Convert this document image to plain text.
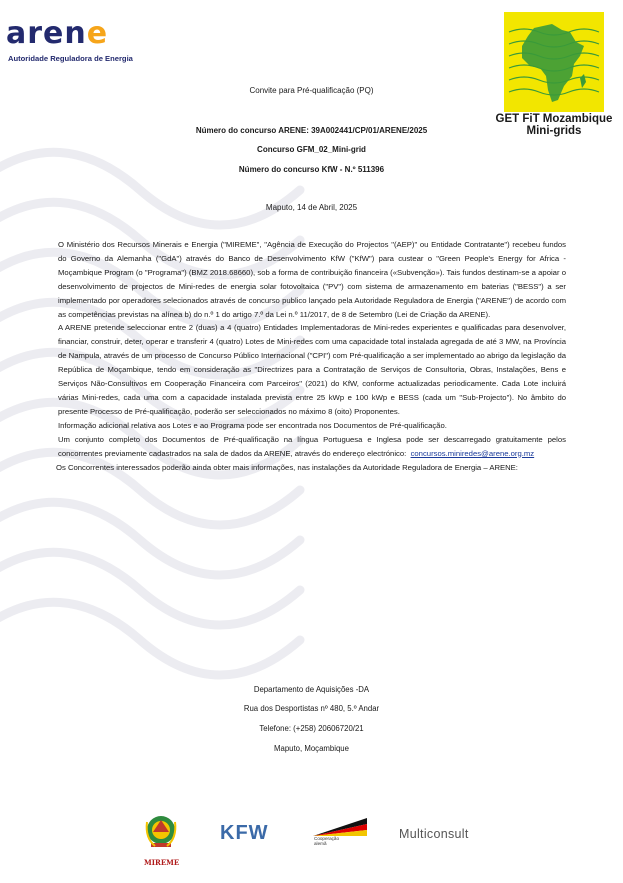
arene
Autoridade Reguladora de Energia
GET FiT Mozambique
Mini-grids
Convite para Pré-qualificação (PQ)
Número do concurso ARENE: 39A002441/CP/01/ARENE/2025
Concurso GFM_02_Mini-grid
Número do concurso KfW - N.º 511396
Maputo, 14 de Abril, 2025

O Ministério dos Recursos Minerais e Energia ("MIREME", "Agência de Execução do Projectos "(AEP)" ou Entidade Contratante") recebeu fundos do Governo da Alemanha ("GdA") através do Banco de Desenvolvimento KfW ("KfW") para custear o "Green People's Energy for Africa - Moçambique Program (o "Programa") (BMZ 2018.68660), sob a forma de contribuição financeira («Subvenção»). Tais fundos destinam-se a apoiar o desenvolvimento de projectos de Mini-redes de energia solar fotovoltaica ("PV") com sistema de armazenamento em baterias ("BESS") a ser implementado por operadores selecionados através de concurso publico lançado pela Autoridade Reguladora de Energia ("ARENE") de acordo com as competências previstas na alínea b) do n.º 1 do artigo 7.º da Lei n.º 11/2017, de 8 de Setembro (Lei de Criação da ARENE).

A ARENE pretende seleccionar entre 2 (duas) a 4 (quatro) Entidades Implementadoras de Mini-redes experientes e qualificadas para desenvolver, financiar, construir, deter, operar e transferir 4 (quatro) Lotes de Mini-redes com uma capacidade total instalada agregada de até 3 MW, na Província de Nampula, através de um processo de Concurso Público Internacional ("CPI") com Pré-qualificação a ser implementado ao abrigo da legislação da República de Moçambique, tendo em consideração as "Directrizes para a Contratação de Serviços de Consultoria, Obras, Instalações, Bens e Serviços Não-Consultivos em Cooperação Financeira com Parceiros" (2021) do KfW, conforme actualizadas periodicamente. Cada Lote incluirá várias Mini-redes, cada uma com a capacidade instalada prevista entre 25 kWp e 100 kWp e BESS (cada um "Sub-Projecto"). No âmbito do presente Processo de Pré-qualificação, poderão ser seleccionados no máximo 8 (oito) Proponentes.

Informação adicional relativa aos Lotes e ao Programa pode ser encontrada nos Documentos de Pré-qualificação.

Um conjunto completo dos Documentos de Pré-qualificação na língua Portuguesa e Inglesa pode ser descarregado gratuitamente pelos concorrentes previamente cadastrados na sala de dados da ARENE, através do endereço electrónico: concursos.miniredes@arene.org.mz

Os Concorrentes interessados poderão ainda obter mais informações, nas instalações da Autoridade Reguladora de Energia – ARENE:

Departamento de Aquisições -DA
Rua dos Desportistas nº 480, 5.º Andar
Telefone: (+258) 20606720/21
Maputo, Moçambique
MIREME
KFW	Cooperação
alemã
Multiconsult
